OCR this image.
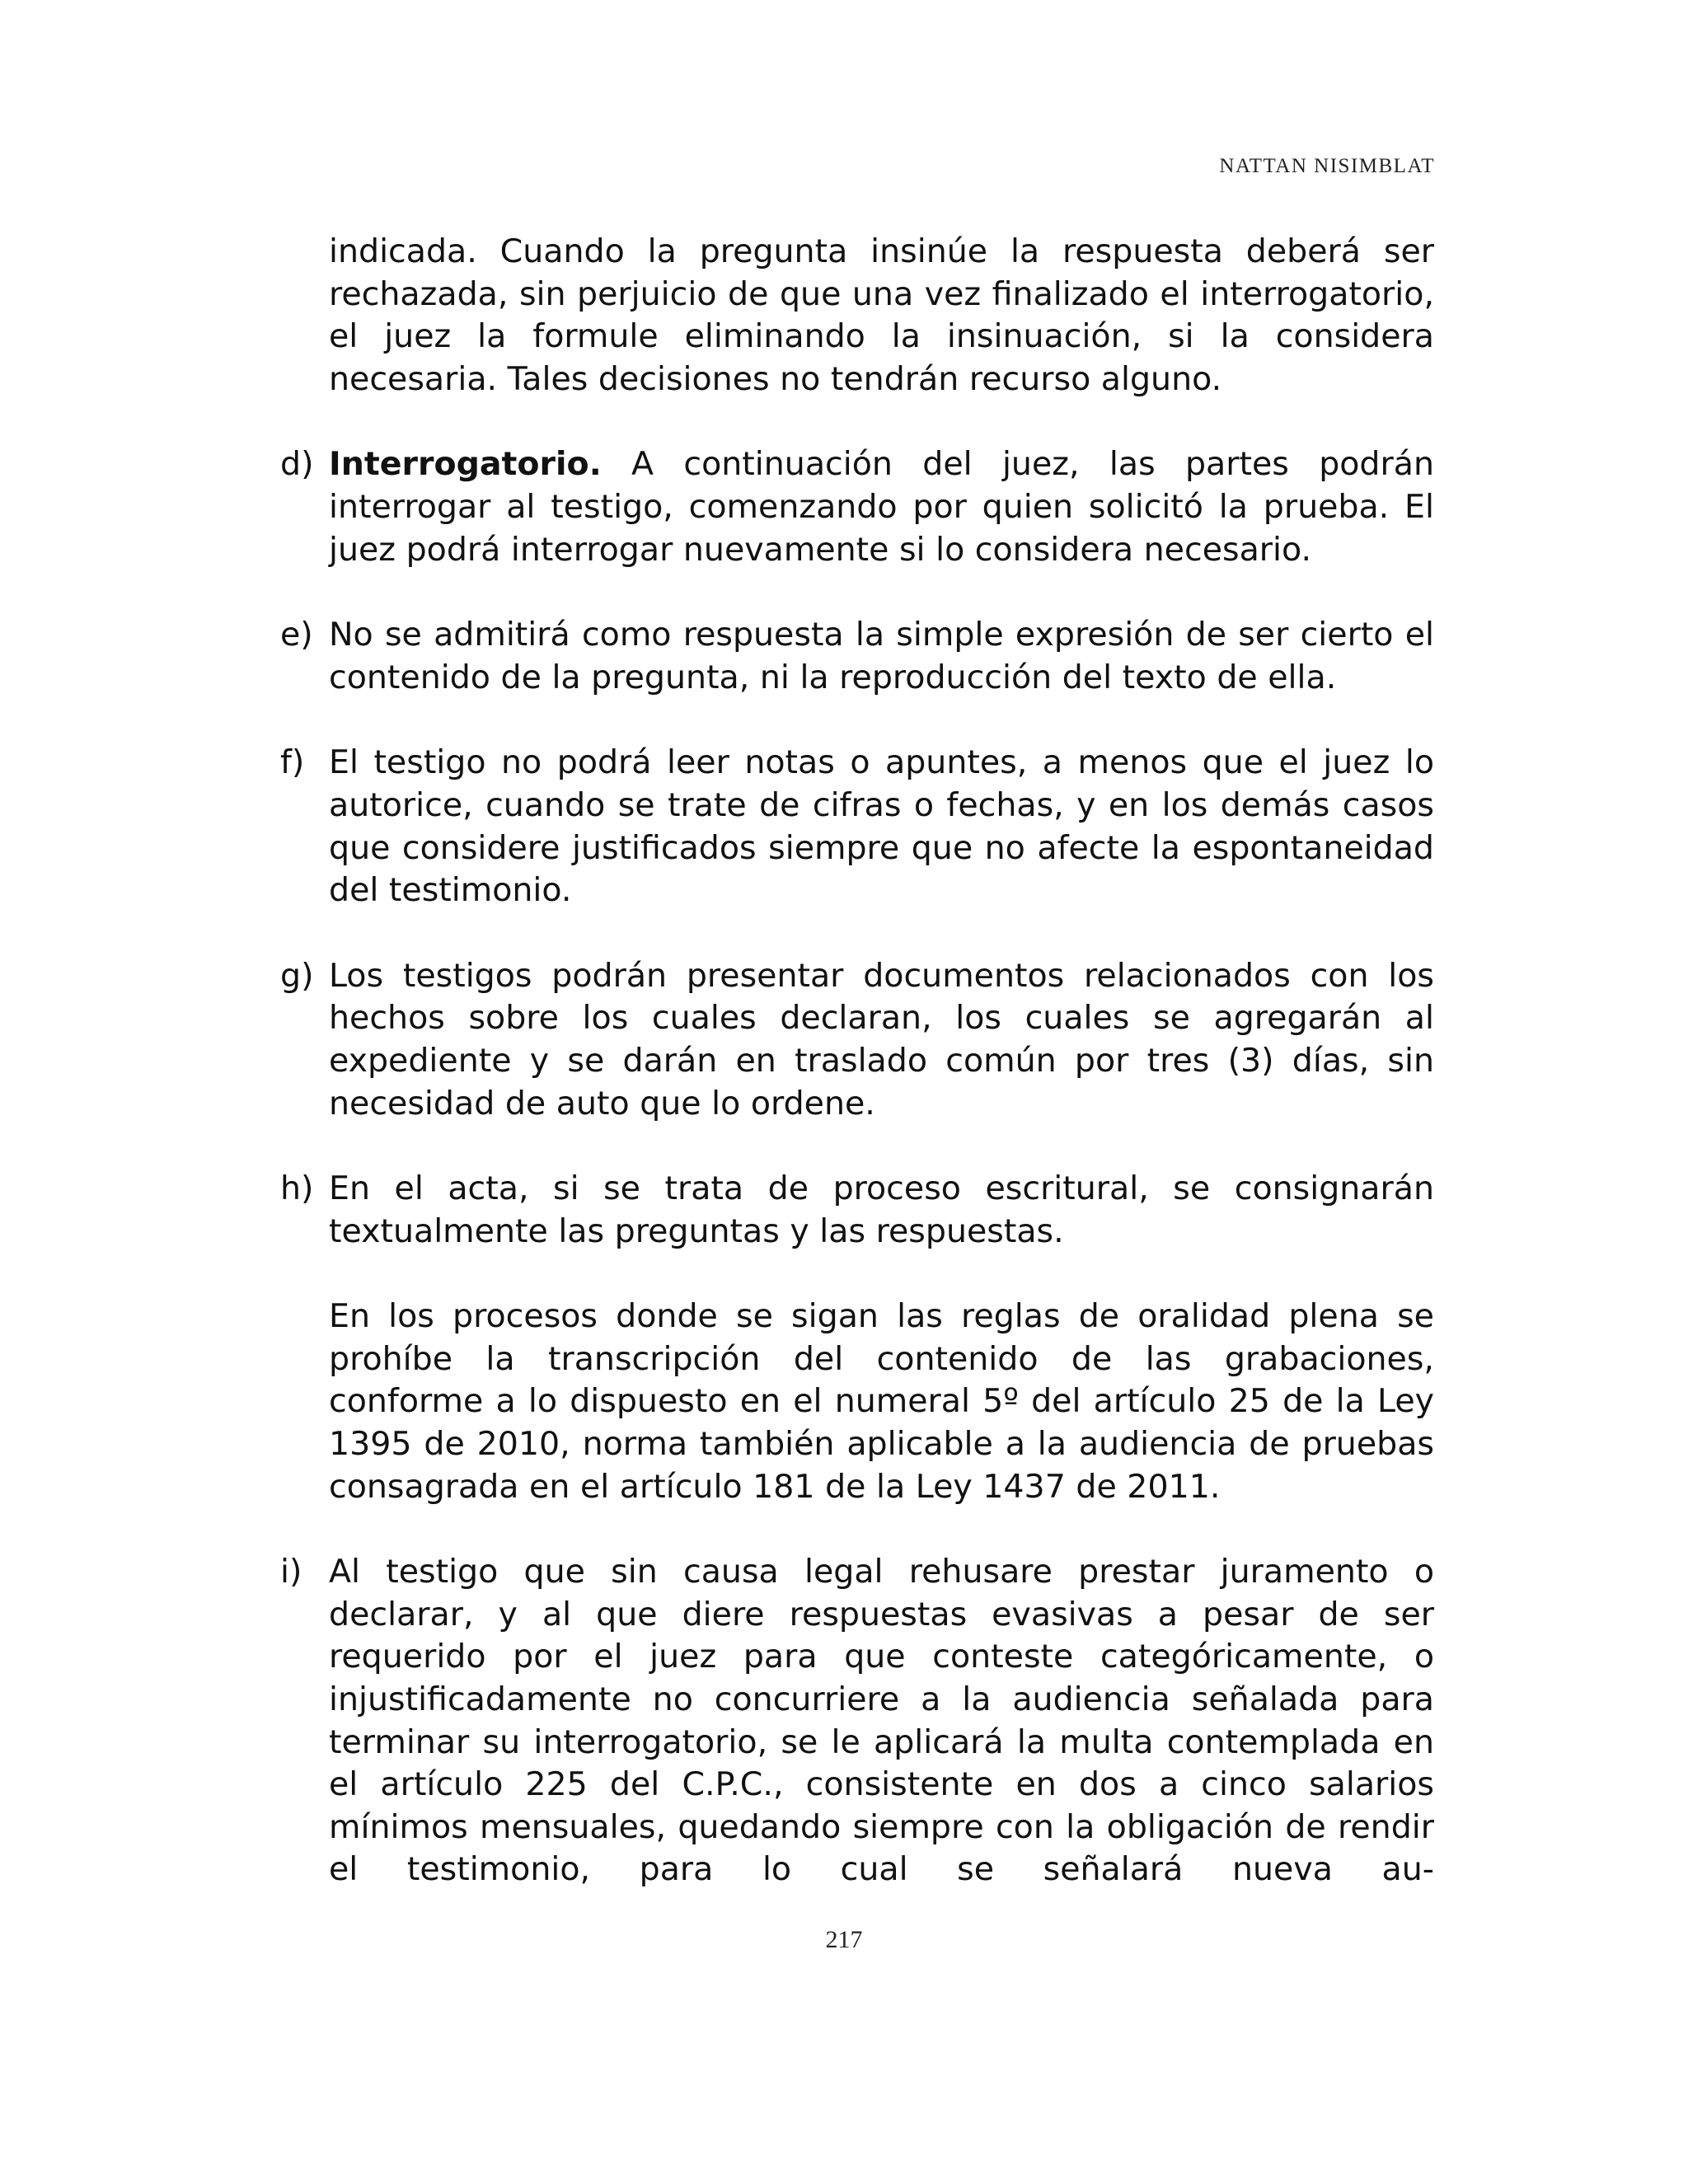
NATTAN NISIMBLAT

indicada. Cuando la pregunta insinúe la respuesta deberá ser rechazada, sin perjuicio de que una vez finalizado el interrogatorio, el juez la formule eliminando la insinuación, si la considera necesaria. Tales decisiones no tendrán recurso alguno.

d) Interrogatorio. A continuación del juez, las partes podrán interrogar al testigo, comenzando por quien solicitó la prueba. El juez podrá interrogar nuevamente si lo considera necesario.

e) No se admitirá como respuesta la simple expresión de ser cierto el contenido de la pregunta, ni la reproducción del texto de ella.

f) El testigo no podrá leer notas o apuntes, a menos que el juez lo autorice, cuando se trate de cifras o fechas, y en los demás casos que considere justificados siempre que no afecte la espontaneidad del testimonio.

g) Los testigos podrán presentar documentos relacionados con los hechos sobre los cuales declaran, los cuales se agregarán al expediente y se darán en traslado común por tres (3) días, sin necesidad de auto que lo ordene.

h) En el acta, si se trata de proceso escritural, se consignarán textualmente las preguntas y las respuestas.

En los procesos donde se sigan las reglas de oralidad plena se prohíbe la transcripción del contenido de las grabaciones, conforme a lo dispuesto en el numeral 5º del artículo 25 de la Ley 1395 de 2010, norma también aplicable a la audiencia de pruebas consagrada en el artículo 181 de la Ley 1437 de 2011.

i) Al testigo que sin causa legal rehusare prestar juramento o declarar, y al que diere respuestas evasivas a pesar de ser requerido por el juez para que conteste categóricamente, o injustificadamente no concurriere a la audiencia señalada para terminar su interrogatorio, se le aplicará la multa contemplada en el artículo 225 del C.P.C., consistente en dos a cinco salarios mínimos mensuales, quedando siempre con la obligación de rendir el testimonio, para lo cual se señalará nueva au-

217
